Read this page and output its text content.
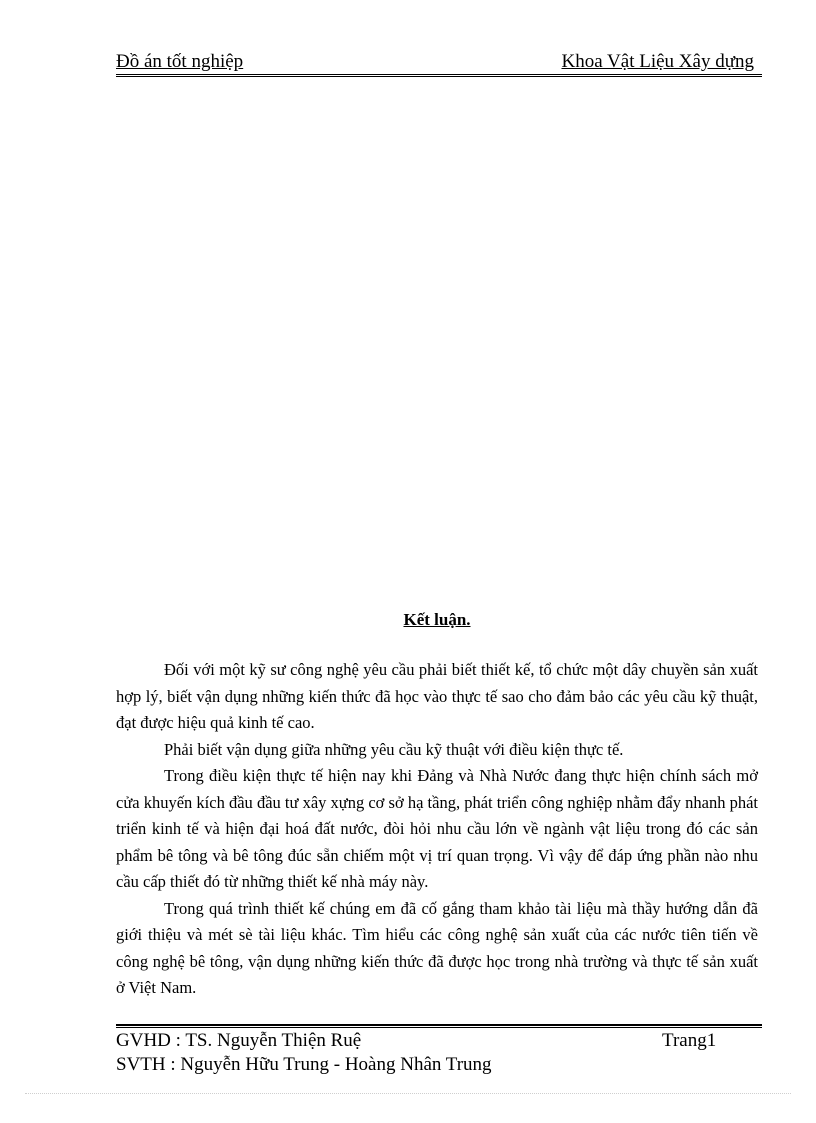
Đồ án tốt nghiệp	Khoa Vật Liệu Xây dựng
Kết luận.

Đối với một kỹ sư công nghệ yêu cầu phải biết thiết kế, tổ chức một dây chuyền sản xuất hợp lý, biết vận dụng những kiến thức đã học vào thực tế sao cho đảm bảo các yêu cầu kỹ thuật, đạt được hiệu quả kinh tế cao.

Phải biết vận dụng giữa những yêu cầu kỹ thuật với điều kiện thực tế.

Trong điều kiện thực tế hiện nay khi Đảng và Nhà Nước đang thực hiện chính sách mở cửa khuyến kích đầu đầu tư xây xựng cơ sở hạ tầng, phát triển công nghiệp nhằm đẩy nhanh phát triển kinh tế và hiện đại hoá đất nước, đòi hỏi nhu cầu lớn về ngành vật liệu trong đó các sản phẩm bê tông và bê tông đúc sẵn chiếm một vị trí quan trọng. Vì vậy để đáp ứng phần nào nhu cầu cấp thiết đó từ những thiết kế nhà máy này.

Trong quá trình thiết kế chúng em đã cố gắng tham khảo tài liệu mà thầy hướng dẫn đã giới thiệu và mét sè tài liệu khác. Tìm hiểu các công nghệ sản xuất của các nước tiên tiến về công nghệ bê tông, vận dụng những kiến thức đã được học trong nhà trường và thực tế sản xuất ở Việt Nam.

GVHD : TS. Nguyễn Thiện Ruệ	Trang1
SVTH : Nguyễn Hữu Trung - Hoàng Nhân Trung
